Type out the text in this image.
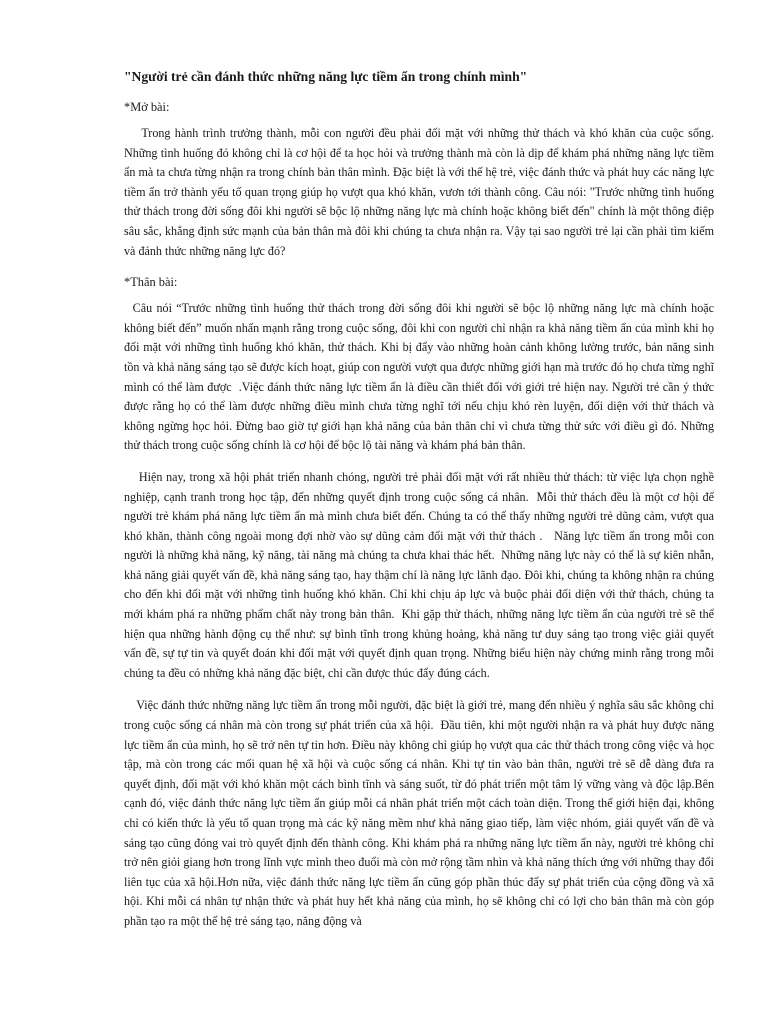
"Người trẻ cần đánh thức những năng lực tiềm ẩn trong chính mình"
*Mở bài:
Trong hành trình trưởng thành, mỗi con người đều phải đối mặt với những thử thách và khó khăn của cuộc sống. Những tình huống đó không chỉ là cơ hội để ta học hỏi và trưởng thành mà còn là dịp để khám phá những năng lực tiềm ẩn mà ta chưa từng nhận ra trong chính bản thân mình. Đặc biệt là với thế hệ trẻ, việc đánh thức và phát huy các năng lực tiềm ẩn trở thành yếu tố quan trọng giúp họ vượt qua khó khăn, vươn tới thành công. Câu nói: "Trước những tình huống thử thách trong đời sống đôi khi người sẽ bộc lộ những năng lực mà chính hoặc không biết đến" chính là một thông điệp sâu sắc, khẳng định sức mạnh của bản thân mà đôi khi chúng ta chưa nhận ra. Vậy tại sao người trẻ lại cần phải tìm kiếm và đánh thức những năng lực đó?
*Thân bài:
Câu nói “Trước những tình huống thử thách trong đời sống đôi khi người sẽ bộc lộ những năng lực mà chính hoặc không biết đến” muốn nhấn mạnh rằng trong cuộc sống, đôi khi con người chỉ nhận ra khả năng tiềm ẩn của mình khi họ đối mặt với những tình huống khó khăn, thử thách. Khi bị đẩy vào những hoàn cảnh không lường trước, bản năng sinh tồn và khả năng sáng tạo sẽ được kích hoạt, giúp con người vượt qua được những giới hạn mà trước đó họ chưa từng nghĩ mình có thể làm được  .Việc đánh thức năng lực tiềm ẩn là điều cần thiết đối với giới trẻ hiện nay. Người trẻ cần ý thức được rằng họ có thể làm được những điều mình chưa từng nghĩ tới nếu chịu khó rèn luyện, đối diện với thử thách và không ngừng học hỏi. Đừng bao giờ tự giới hạn khả năng của bản thân chỉ vì chưa từng thử sức với điều gì đó. Những thử thách trong cuộc sống chính là cơ hội để bộc lộ tài năng và khám phá bản thân.
Hiện nay, trong xã hội phát triển nhanh chóng, người trẻ phải đối mặt với rất nhiều thử thách: từ việc lựa chọn nghề nghiệp, cạnh tranh trong học tập, đến những quyết định trong cuộc sống cá nhân.  Mỗi thử thách đều là một cơ hội để người trẻ khám phá năng lực tiềm ẩn mà mình chưa biết đến. Chúng ta có thể thấy những người trẻ dũng cảm, vượt qua khó khăn, thành công ngoài mong đợi nhờ vào sự dũng cảm đối mặt với thử thách .   Năng lực tiềm ẩn trong mỗi con người là những khả năng, kỹ năng, tài năng mà chúng ta chưa khai thác hết.  Những năng lực này có thể là sự kiên nhẫn, khả năng giải quyết vấn đề, khả năng sáng tạo, hay thậm chí là năng lực lãnh đạo. Đôi khi, chúng ta không nhận ra chúng cho đến khi đối mặt với những tình huống khó khăn. Chỉ khi chịu áp lực và buộc phải đối diện với thử thách, chúng ta mới khám phá ra những phẩm chất này trong bản thân.  Khi gặp thử thách, những năng lực tiềm ẩn của người trẻ sẽ thể hiện qua những hành động cụ thể như: sự bình tĩnh trong khủng hoảng, khả năng tư duy sáng tạo trong việc giải quyết vấn đề, sự tự tin và quyết đoán khi đối mặt với quyết định quan trọng. Những biểu hiện này chứng minh rằng trong mỗi chúng ta đều có những khả năng đặc biệt, chỉ cần được thúc đẩy đúng cách.
Việc đánh thức những năng lực tiềm ẩn trong mỗi người, đặc biệt là giới trẻ, mang đến nhiều ý nghĩa sâu sắc không chỉ trong cuộc sống cá nhân mà còn trong sự phát triển của xã hội.  Đầu tiên, khi một người nhận ra và phát huy được năng lực tiềm ẩn của mình, họ sẽ trở nên tự tin hơn. Điều này không chỉ giúp họ vượt qua các thử thách trong công việc và học tập, mà còn trong các mối quan hệ xã hội và cuộc sống cá nhân. Khi tự tin vào bản thân, người trẻ sẽ dễ dàng đưa ra quyết định, đối mặt với khó khăn một cách bình tĩnh và sáng suốt, từ đó phát triển một tâm lý vững vàng và độc lập.Bên cạnh đó, việc đánh thức năng lực tiềm ẩn giúp mỗi cá nhân phát triển một cách toàn diện. Trong thế giới hiện đại, không chỉ có kiến thức là yếu tố quan trọng mà các kỹ năng mềm như khả năng giao tiếp, làm việc nhóm, giải quyết vấn đề và sáng tạo cũng đóng vai trò quyết định đến thành công. Khi khám phá ra những năng lực tiềm ẩn này, người trẻ không chỉ trở nên giỏi giang hơn trong lĩnh vực mình theo đuổi mà còn mở rộng tầm nhìn và khả năng thích ứng với những thay đổi liên tục của xã hội.Hơn nữa, việc đánh thức năng lực tiềm ẩn cũng góp phần thúc đẩy sự phát triển của cộng đồng và xã hội. Khi mỗi cá nhân tự nhận thức và phát huy hết khả năng của mình, họ sẽ không chỉ có lợi cho bản thân mà còn góp phần tạo ra một thế hệ trẻ sáng tạo, năng động và
